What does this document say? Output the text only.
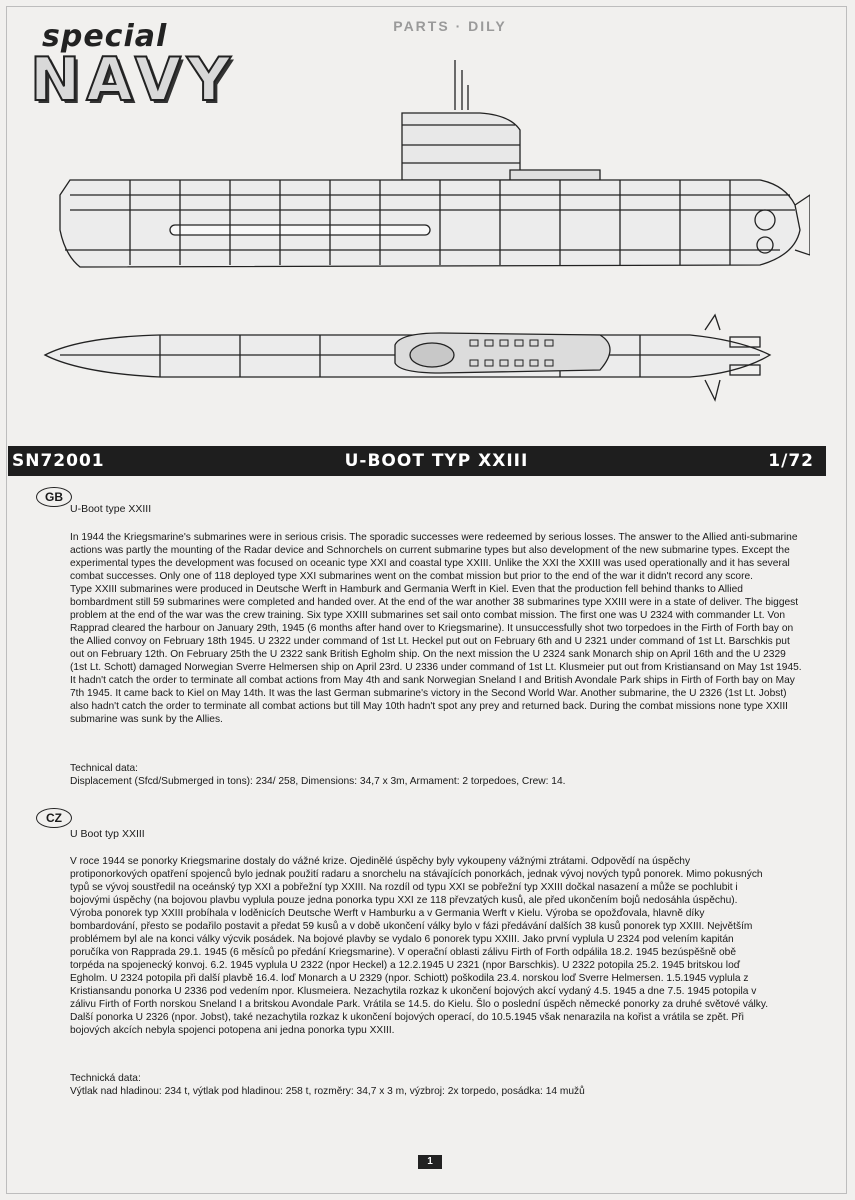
PARTS · DILY
special
NAVY
SN72001	U-BOOT TYP XXIII	1/72
GB
U-Boot type XXIII

In 1944 the Kriegsmarine's submarines were in serious crisis. The sporadic successes were redeemed by serious losses. The answer to the Allied anti-submarine actions was partly the mounting of the Radar device and Schnorchels on current submarine types but also development of the new submarine types. Except the experimental types the development was focused on oceanic type XXI and coastal type XXIII. Unlike the XXI the XXIII was used operationally and it has several combat successes. Only one of 118 deployed type XXI submarines went on the combat mission but prior to the end of the war it didn't record any score.

Type XXIII submarines were produced in Deutsche Werft in Hamburk and Germania Werft in Kiel. Even that the production fell behind thanks to Allied bombardment still 59 submarines were completed and handed over. At the end of the war another 38 submarines type XXIII were in a state of deliver. The biggest problem at the end of the war was the crew training. Six type XXIII submarines set sail onto combat mission. The first one was U 2324 with commander Lt. Von Rapprad cleared the harbour on January 29th, 1945 (6 months after hand over to Kriegsmarine). It unsuccessfully shot two torpedoes in the Firth of Forth bay on the Allied convoy on February 18th 1945. U 2322 under command of 1st Lt. Heckel put out on February 6th and U 2321 under command of 1st Lt. Barschkis put out on February 12th. On February 25th the U 2322 sank British Egholm ship. On the next mission the U 2324 sank Monarch ship on April 16th and the U 2329 (1st Lt. Schott) damaged Norwegian Sverre Helmersen ship on April 23rd. U 2336 under command of 1st Lt. Klusmeier put out from Kristiansand on May 1st 1945. It hadn't catch the order to terminate all combat actions from May 4th and sank Norwegian Sneland I and British Avondale Park ships in Firth of Forth bay on May 7th 1945. It came back to Kiel on May 14th. It was the last German submarine's victory in the Second World War. Another submarine, the U 2326 (1st Lt. Jobst) also hadn't catch the order to terminate all combat actions but till May 10th hadn't spot any prey and returned back. During the combat missions none type XXIII submarine was sunk by the Allies.

Technical data:
Displacement (Sfcd/Submerged in tons): 234/ 258, Dimensions: 34,7 x 3m, Armament: 2 torpedoes, Crew: 14.
CZ
U Boot typ XXIII

V roce 1944 se ponorky Kriegsmarine dostaly do vážné krize. Ojedinělé úspěchy byly vykoupeny vážnými ztrátami. Odpovědí na úspěchy protiponorkových opatření spojenců bylo jednak použití radaru a snorchelu na stávajících ponorkách, jednak vývoj nových typů ponorek. Mimo pokusných typů se vývoj soustředil na oceánský typ XXI a pobřežní typ XXIII. Na rozdíl od typu XXI se pobřežní typ XXIII dočkal nasazení a může se pochlubit i bojovými úspěchy (na bojovou plavbu vyplula pouze jedna ponorka typu XXI ze 118 převzatých kusů, ale před ukončením bojů nedosáhla úspěchu).

Výroba ponorek typ XXIII probíhala v loděnicích Deutsche Werft v Hamburku a v Germania Werft v Kielu. Výroba se opožďovala, hlavně díky bombardování, přesto se podařilo postavit a předat 59 kusů a v době ukončení války bylo v fázi předávání dalších 38 kusů ponorek typ XXIII. Největším problémem byl ale na konci války výcvik posádek. Na bojové plavby se vydalo 6 ponorek typu XXIII. Jako první vyplula U 2324 pod velením kapitán poručíka von Rapprada 29.1. 1945 (6 měsíců po předání Kriegsmarine). V operační oblasti zálivu Firth of Forth odpálila 18.2. 1945 bezúspěšně obě torpéda na spojenecký konvoj. 6.2. 1945 vyplula U 2322 (npor Heckel) a 12.2.1945 U 2321 (npor Barschkis). U 2322 potopila 25.2. 1945 britskou loď Egholm. U 2324 potopila při další plavbě 16.4. loď Monarch a U 2329 (npor. Schiott) poškodila 23.4. norskou loď Sverre Helmersen. 1.5.1945 vyplula z Kristiansandu ponorka U 2336 pod vedením npor. Klusmeiera. Nezachytila rozkaz k ukončení bojových akcí vydaný 4.5. 1945 a dne 7.5. 1945 potopila v zálivu Firth of Forth norskou Sneland I a britskou Avondale Park. Vrátila se 14.5. do Kielu. Šlo o poslední úspěch německé ponorky za druhé světové války. Další ponorka U 2326 (npor. Jobst), také nezachytila rozkaz k ukončení bojových operací, do 10.5.1945 však nenarazila na kořist a vrátila se zpět. Při bojových akcích nebyla spojenci potopena ani jedna ponorka typu XXIII.

Technická data:
Výtlak nad hladinou: 234 t, výtlak pod hladinou: 258 t, rozměry: 34,7 x 3 m, výzbroj: 2x torpedo, posádka: 14 mužů
1
